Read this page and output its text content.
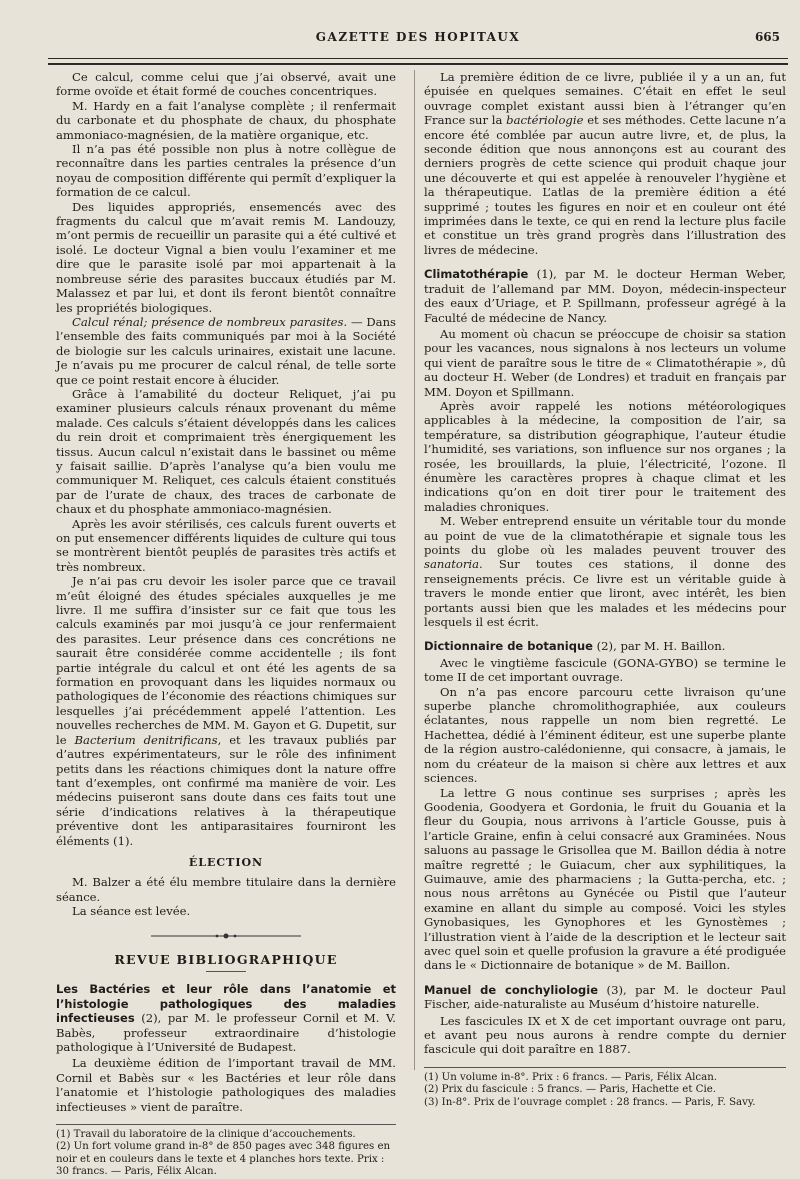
GAZETTE DES HOPITAUX	665

Ce calcul, comme celui que j’ai observé, avait une forme ovoïde et était formé de couches concentriques.

M. Hardy en a fait l’analyse complète ; il renfermait du carbonate et du phosphate de chaux, du phosphate ammoniaco-magnésien, de la matière organique, etc.

Il n’a pas été possible non plus à notre collègue de reconnaître dans les parties centrales la présence d’un noyau de composition différente qui permît d’expliquer la formation de ce calcul.

Des liquides appropriés, ensemencés avec des fragments du calcul que m’avait remis M. Landouzy, m’ont permis de recueillir un parasite qui a été cultivé et isolé. Le docteur Vignal a bien voulu l’examiner et me dire que le parasite isolé par moi appartenait à la nombreuse série des parasites buccaux étudiés par M. Malassez et par lui, et dont ils feront bientôt connaître les propriétés biologiques.

Calcul rénal; présence de nombreux parasites. — Dans l’ensemble des faits communiqués par moi à la Société de biologie sur les calculs urinaires, existait une lacune. Je n’avais pu me procurer de calcul rénal, de telle sorte que ce point restait encore à élucider.

Grâce à l’amabilité du docteur Reliquet, j’ai pu examiner plusieurs calculs rénaux provenant du même malade. Ces calculs s’étaient développés dans les calices du rein droit et comprimaient très énergiquement les tissus. Aucun calcul n’existait dans le bassinet ou même y faisait saillie. D’après l’analyse qu’a bien voulu me communiquer M. Reliquet, ces calculs étaient constitués par de l’urate de chaux, des traces de carbonate de chaux et du phosphate ammoniaco-magnésien.

Après les avoir stérilisés, ces calculs furent ouverts et on put ensemencer différents liquides de culture qui tous se montrèrent bientôt peuplés de parasites très actifs et très nombreux.

Je n’ai pas cru devoir les isoler parce que ce travail m’eût éloigné des études spéciales auxquelles je me livre. Il me suffira d’insister sur ce fait que tous les calculs examinés par moi jusqu’à ce jour renfermaient des parasites. Leur présence dans ces concrétions ne saurait être considérée comme accidentelle ; ils font partie intégrale du calcul et ont été les agents de sa formation en provoquant dans les liquides normaux ou pathologiques de l’économie des réactions chimiques sur lesquelles j’ai précédemment appelé l’attention. Les nouvelles recherches de MM. M. Gayon et G. Dupetit, sur le Bacterium denitrificans, et les travaux publiés par d’autres expérimentateurs, sur le rôle des infiniment petits dans les réactions chimiques dont la nature offre tant d’exemples, ont confirmé ma manière de voir. Les médecins puiseront sans doute dans ces faits tout une série d’indications relatives à la thérapeutique préventive dont les antiparasitaires fourniront les éléments (1).

ÉLECTION

M. Balzer a été élu membre titulaire dans la dernière séance.

La séance est levée.

REVUE BIBLIOGRAPHIQUE

Les Bactéries et leur rôle dans l’anatomie et l’histologie pathologiques des maladies infectieuses (2), par M. le professeur Cornil et M. V. Babès, professeur extraordinaire d’histologie pathologique à l’Université de Budapest.

La deuxième édition de l’important travail de MM. Cornil et Babès sur « les Bactéries et leur rôle dans l’anatomie et l’histologie pathologiques des maladies infectieuses » vient de paraître.

(1) Travail du laboratoire de la clinique d’accouchements.

(2) Un fort volume grand in-8° de 850 pages avec 348 figures en noir et en couleurs dans le texte et 4 planches hors texte. Prix : 30 francs. — Paris, Félix Alcan.

La première édition de ce livre, publiée il y a un an, fut épuisée en quelques semaines. C’était en effet le seul ouvrage complet existant aussi bien à l’étranger qu’en France sur la bactériologie et ses méthodes. Cette lacune n’a encore été comblée par aucun autre livre, et, de plus, la seconde édition que nous annonçons est au courant des derniers progrès de cette science qui produit chaque jour une découverte et qui est appelée à renouveler l’hygiène et la thérapeutique. L’atlas de la première édition a été supprimé ; toutes les figures en noir et en couleur ont été imprimées dans le texte, ce qui en rend la lecture plus facile et constitue un très grand progrès dans l’illustration des livres de médecine.

Climatothérapie (1), par M. le docteur Herman Weber, traduit de l’allemand par MM. Doyon, médecin-inspecteur des eaux d’Uriage, et P. Spillmann, professeur agrégé à la Faculté de médecine de Nancy.

Au moment où chacun se préoccupe de choisir sa station pour les vacances, nous signalons à nos lecteurs un volume qui vient de paraître sous le titre de « Climatothérapie », dû au docteur H. Weber (de Londres) et traduit en français par MM. Doyon et Spillmann.

Après avoir rappelé les notions météorologiques applicables à la médecine, la composition de l’air, sa température, sa distribution géographique, l’auteur étudie l’humidité, ses variations, son influence sur nos organes ; la rosée, les brouillards, la pluie, l’électricité, l’ozone. Il énumère les caractères propres à chaque climat et les indications qu’on en doit tirer pour le traitement des maladies chroniques.

M. Weber entreprend ensuite un véritable tour du monde au point de vue de la climatothérapie et signale tous les points du globe où les malades peuvent trouver des sanatoria. Sur toutes ces stations, il donne des renseignements précis. Ce livre est un véritable guide à travers le monde entier que liront, avec intérêt, les bien portants aussi bien que les malades et les médecins pour lesquels il est écrit.

Dictionnaire de botanique (2), par M. H. Baillon.

Avec le vingtième fascicule (GONA-GYBO) se termine le tome II de cet important ouvrage.

On n’a pas encore parcouru cette livraison qu’une superbe planche chromolithographiée, aux couleurs éclatantes, nous rappelle un nom bien regretté. Le Hachettea, dédié à l’éminent éditeur, est une superbe plante de la région austro-calédonienne, qui consacre, à jamais, le nom du créateur de la maison si chère aux lettres et aux sciences.

La lettre G nous continue ses surprises ; après les Goodenia, Goodyera et Gordonia, le fruit du Gouania et la fleur du Goupia, nous arrivons à l’article Gousse, puis à l’article Graine, enfin à celui consacré aux Graminées. Nous saluons au passage le Grisollea que M. Baillon dédia à notre maître regretté ; le Guiacum, cher aux syphilitiques, la Guimauve, amie des pharmaciens ; la Gutta-percha, etc. ; nous nous arrêtons au Gynécée ou Pistil que l’auteur examine en allant du simple au composé. Voici les styles Gynobasiques, les Gynophores et les Gynostèmes ; l’illustration vient à l’aide de la description et le lecteur sait avec quel soin et quelle profusion la gravure a été prodiguée dans le « Dictionnaire de botanique » de M. Baillon.

Manuel de conchyliologie (3), par M. le docteur Paul Fischer, aide-naturaliste au Muséum d’histoire naturelle.

Les fascicules IX et X de cet important ouvrage ont paru, et avant peu nous aurons à rendre compte du dernier fascicule qui doit paraître en 1887.

(1) Un volume in-8°. Prix : 6 francs. — Paris, Félix Alcan.

(2) Prix du fascicule : 5 francs. — Paris, Hachette et Cie.

(3) In-8°. Prix de l’ouvrage complet : 28 francs. — Paris, F. Savy.
